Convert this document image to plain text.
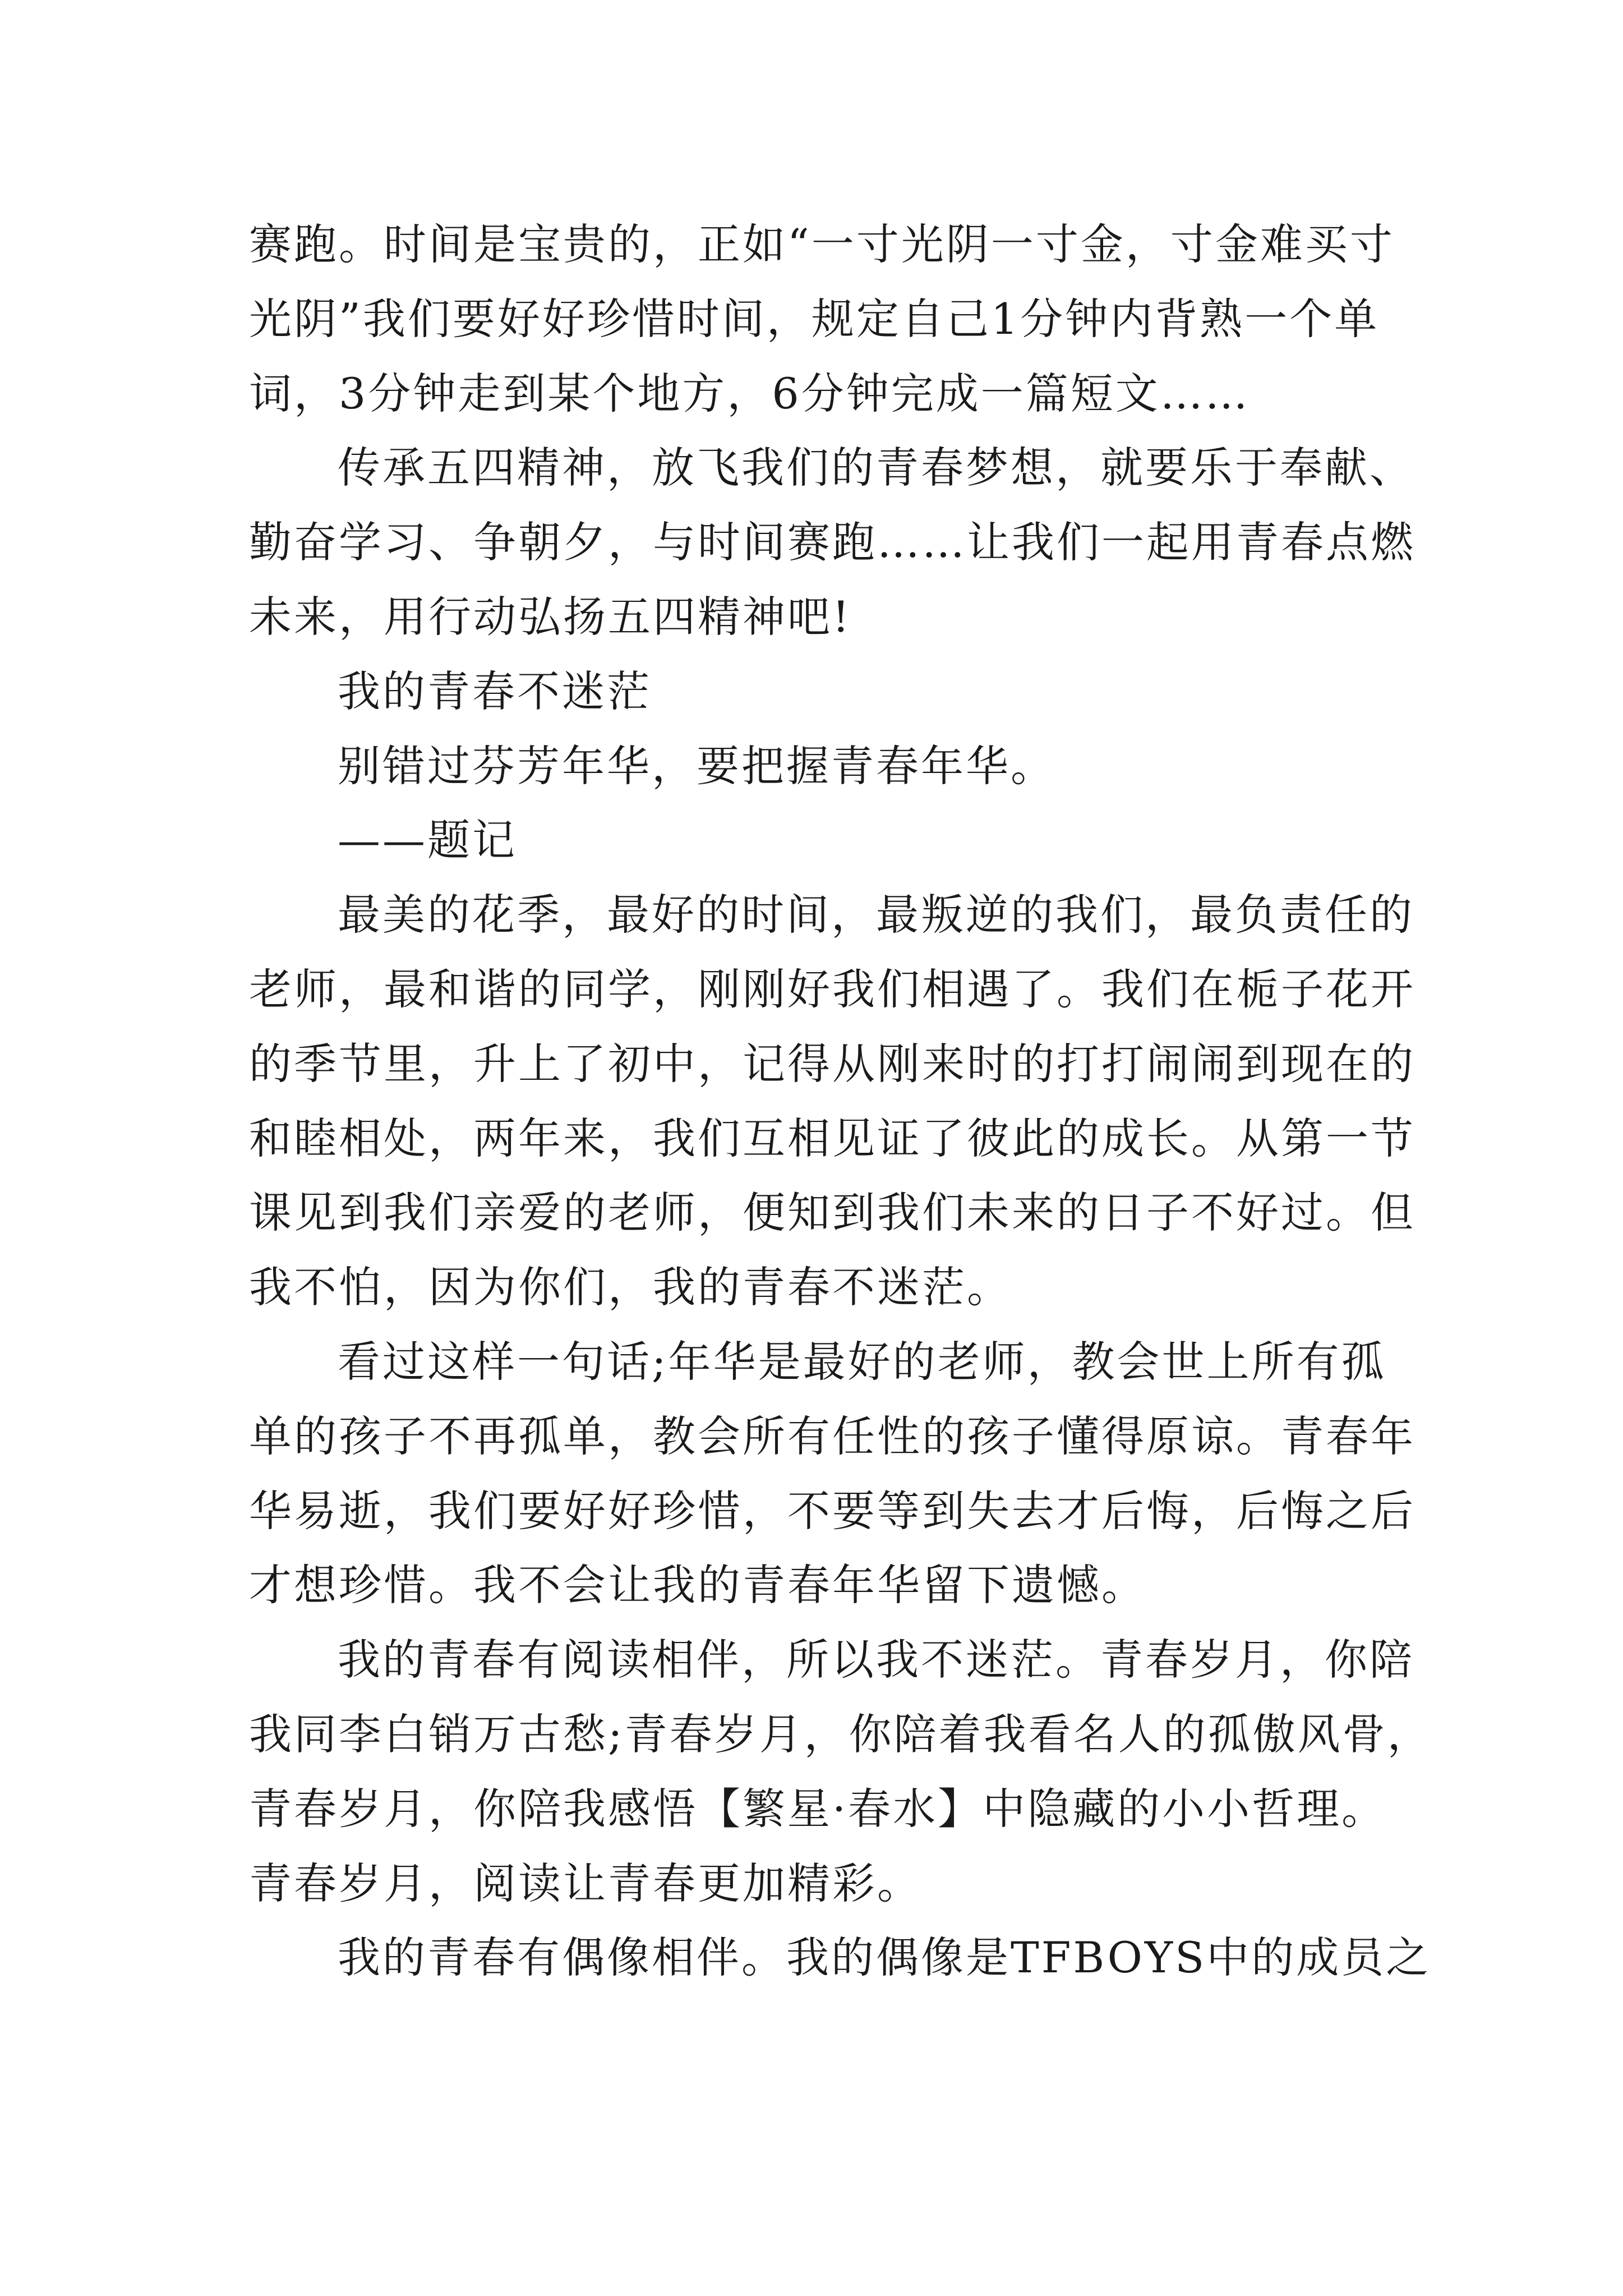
赛跑。时间是宝贵的，正如“一寸光阴一寸金，寸金难买寸
光阴”我们要好好珍惜时间，规定自己1分钟内背熟一个单
词，3分钟走到某个地方，6分钟完成一篇短文……
传承五四精神，放飞我们的青春梦想，就要乐于奉献、
勤奋学习、争朝夕，与时间赛跑……让我们一起用青春点燃
未来，用行动弘扬五四精神吧!
我的青春不迷茫
别错过芬芳年华，要把握青春年华。
——题记
最美的花季，最好的时间，最叛逆的我们，最负责任的
老师，最和谐的同学，刚刚好我们相遇了。我们在栀子花开
的季节里，升上了初中，记得从刚来时的打打闹闹到现在的
和睦相处，两年来，我们互相见证了彼此的成长。从第一节
课见到我们亲爱的老师，便知到我们未来的日子不好过。但
我不怕，因为你们，我的青春不迷茫。
看过这样一句话;年华是最好的老师，教会世上所有孤
单的孩子不再孤单，教会所有任性的孩子懂得原谅。青春年
华易逝，我们要好好珍惜，不要等到失去才后悔，后悔之后
才想珍惜。我不会让我的青春年华留下遗憾。
我的青春有阅读相伴，所以我不迷茫。青春岁月，你陪
我同李白销万古愁;青春岁月，你陪着我看名人的孤傲风骨，
青春岁月，你陪我感悟【繁星·春水】中隐藏的小小哲理。
青春岁月，阅读让青春更加精彩。
我的青春有偶像相伴。我的偶像是TFBOYS中的成员之
